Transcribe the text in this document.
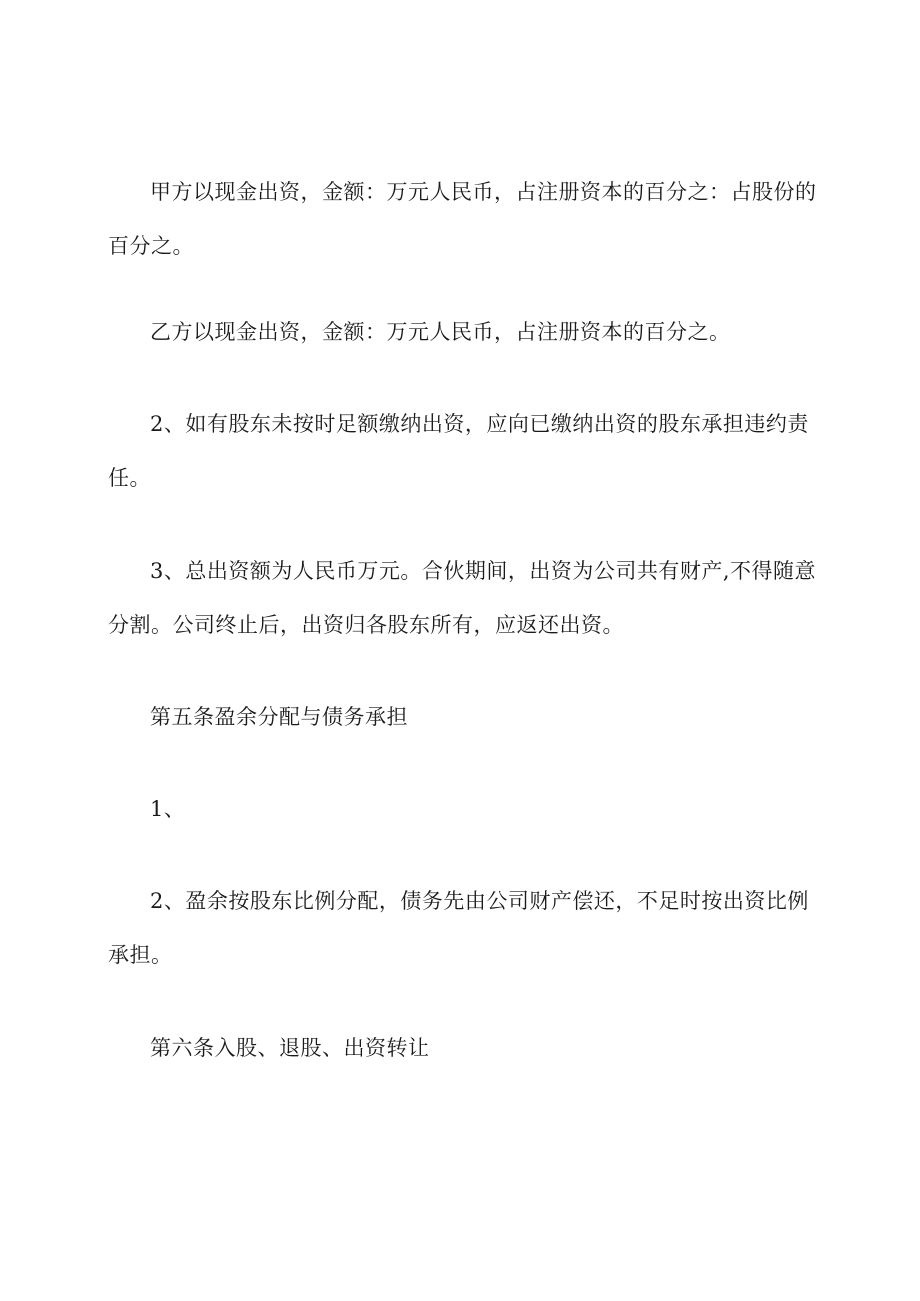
甲方以现金出资，金额：万元人民币，占注册资本的百分之：占股份的百分之。

乙方以现金出资，金额：万元人民币，占注册资本的百分之。

2、如有股东未按时足额缴纳出资，应向已缴纳出资的股东承担违约责任。

3、总出资额为人民币万元。合伙期间，出资为公司共有财产,不得随意分割。公司终止后，出资归各股东所有，应返还出资。

第五条盈余分配与债务承担

1、

2、盈余按股东比例分配，债务先由公司财产偿还，不足时按出资比例承担。

第六条入股、退股、出资转让
